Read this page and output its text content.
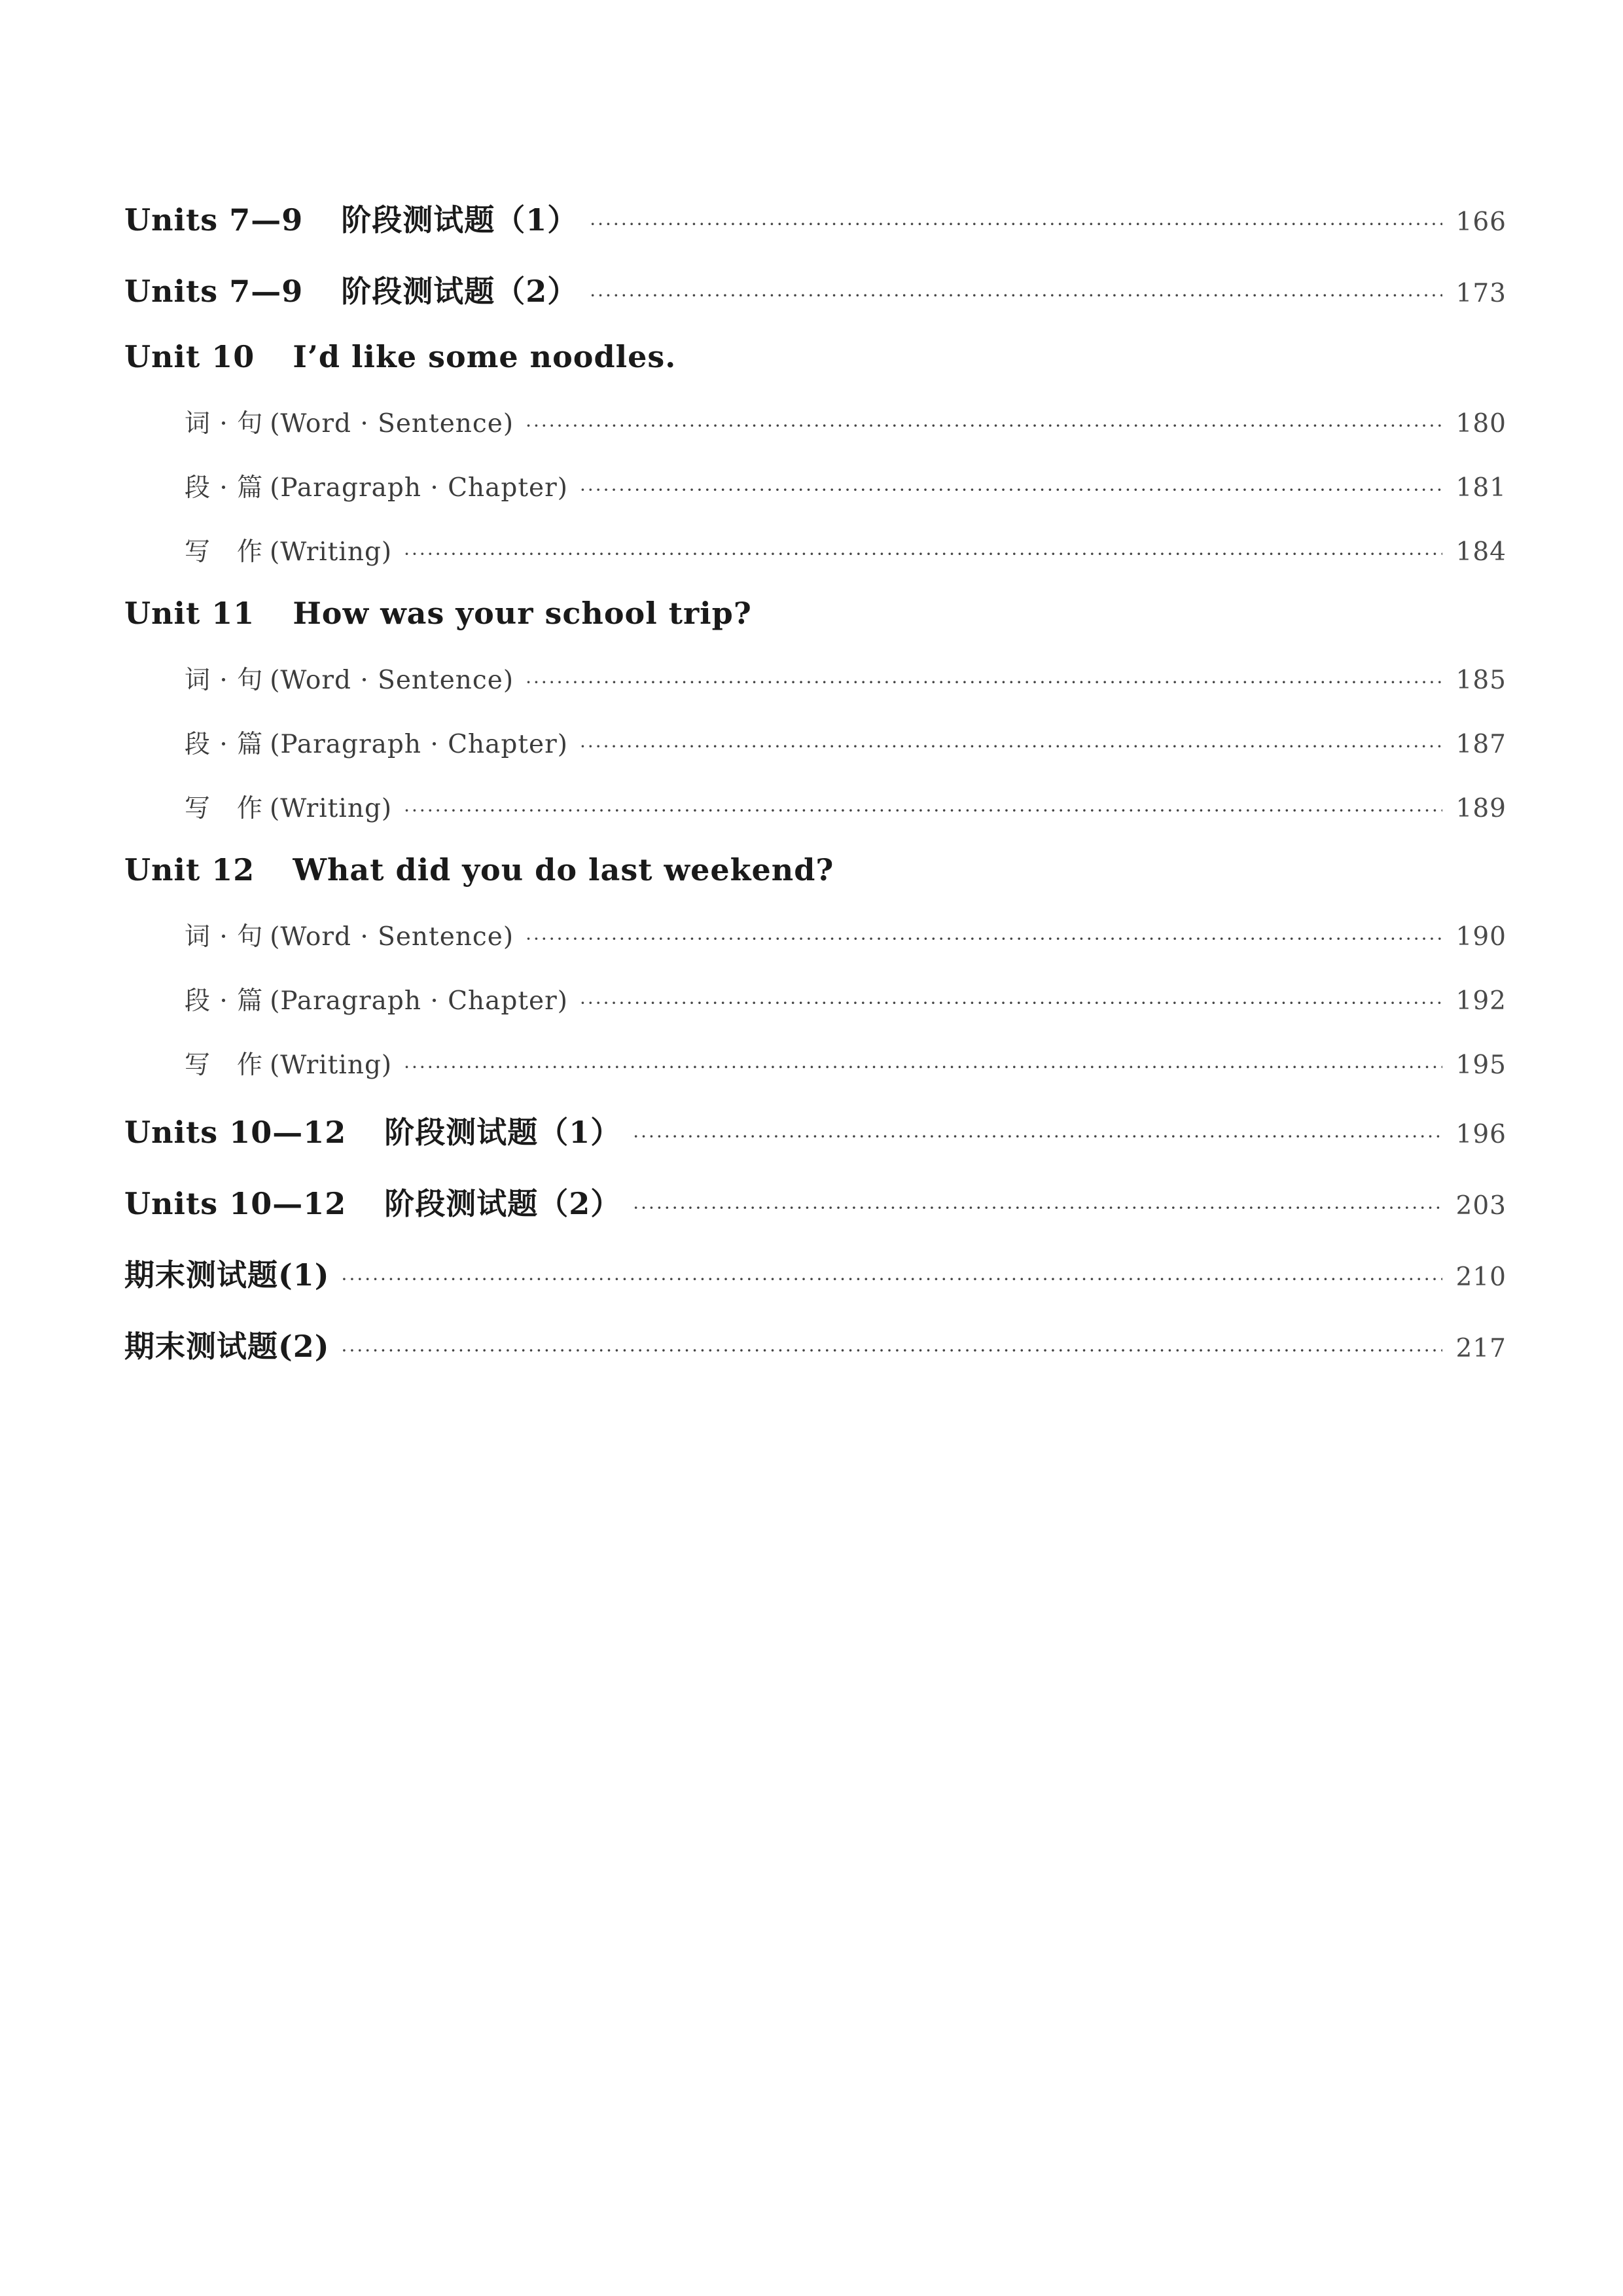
Units 7—9 阶段测试题（1） ·····	166
Units 7—9 阶段测试题（2） ·····	173
Unit 10 I’d like some noodles.
词 · 句 (Word · Sentence) ·····	180
段 · 篇 (Paragraph · Chapter) ·····	181
写　作 (Writing) ·····	184
Unit 11 How was your school trip?
词 · 句 (Word · Sentence) ·····	185
段 · 篇 (Paragraph · Chapter) ·····	187
写　作 (Writing) ·····	189
Unit 12 What did you do last weekend?
词 · 句 (Word · Sentence) ·····	190
段 · 篇 (Paragraph · Chapter) ·····	192
写　作 (Writing) ·····	195
Units 10—12 阶段测试题（1） ·····	196
Units 10—12 阶段测试题（2） ·····	203
期末测试题(1) ·····	210
期末测试题(2) ·····	217
